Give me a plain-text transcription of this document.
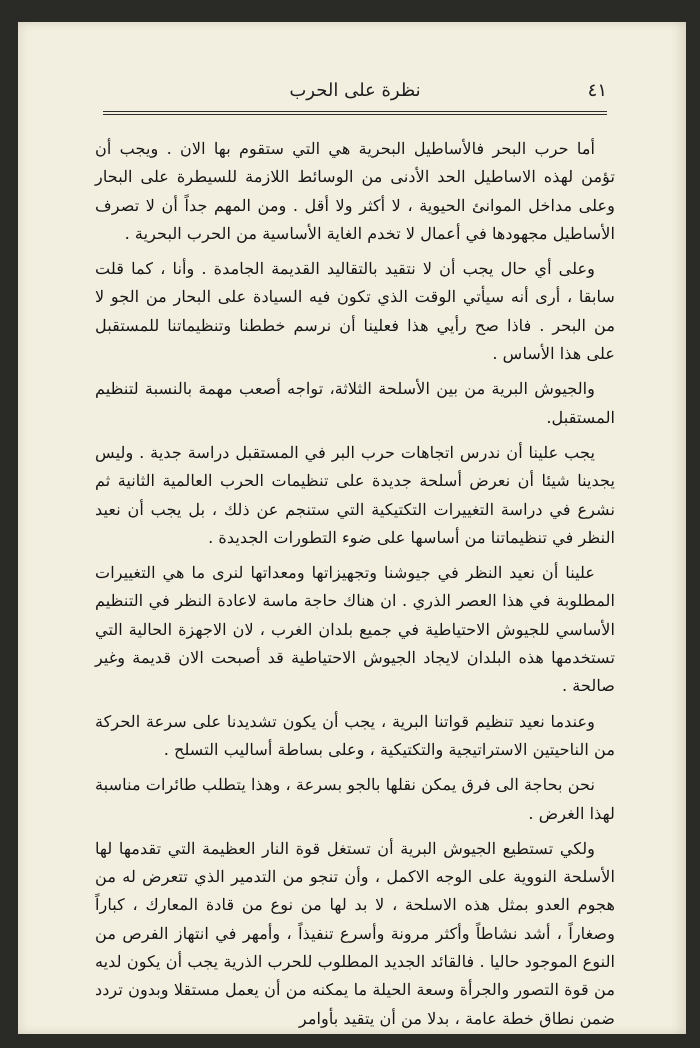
٤١
نظرة على الحرب

أما حرب البحر فالأساطيل البحرية هي التي ستقوم بها الان . ويجب أن تؤمن لهذه الاساطيل الحد الأدنى من الوسائط اللازمة للسيطرة على البحار وعلى مداخل الموانئ الحيوية ، لا أكثر ولا أقل . ومن المهم جداً أن لا تصرف الأساطيل مجهودها في أعمال لا تخدم الغاية الأساسية من الحرب البحرية .

وعلى أي حال يجب أن لا نتقيد بالتقاليد القديمة الجامدة . وأنا ، كما قلت سابقا ، أرى أنه سيأتي الوقت الذي تكون فيه السيادة على البحار من الجو لا من البحر . فاذا صح رأيي هذا فعلينا أن نرسم خططنا وتنظيماتنا للمستقبل على هذا الأساس .

والجيوش البرية من بين الأسلحة الثلاثة، تواجه أصعب مهمة بالنسبة لتنظيم المستقبل.

يجب علينا أن ندرس اتجاهات حرب البر في المستقبل دراسة جدية . وليس يجدينا شيئا أن نعرض أسلحة جديدة على تنظيمات الحرب العالمية الثانية ثم نشرع في دراسة التغييرات التكتيكية التي ستنجم عن ذلك ، بل يجب أن نعيد النظر في تنظيماتنا من أساسها على ضوء التطورات الجديدة .

علينا أن نعيد النظر في جيوشنا وتجهيزاتها ومعداتها لنرى ما هي التغييرات المطلوبة في هذا العصر الذري . ان هناك حاجة ماسة لاعادة النظر في التنظيم الأساسي للجيوش الاحتياطية في جميع بلدان الغرب ، لان الاجهزة الحالية التي تستخدمها هذه البلدان لايجاد الجيوش الاحتياطية قد أصبحت الان قديمة وغير صالحة .

وعندما نعيد تنظيم قواتنا البرية ، يجب أن يكون تشديدنا على سرعة الحركة من الناحيتين الاستراتيجية والتكتيكية ، وعلى بساطة أساليب التسلح .

نحن بحاجة الى فرق يمكن نقلها بالجو بسرعة ، وهذا يتطلب طائرات مناسبة لهذا الغرض .

ولكي تستطيع الجيوش البرية أن تستغل قوة النار العظيمة التي تقدمها لها الأسلحة النووية على الوجه الاكمل ، وأن تنجو من التدمير الذي تتعرض له من هجوم العدو بمثل هذه الاسلحة ، لا بد لها من نوع من قادة المعارك ، كباراً وصغاراً ، أشد نشاطاً وأكثر مرونة وأسرع تنفيذاً ، وأمهر في انتهاز الفرص من النوع الموجود حاليا . فالقائد الجديد المطلوب للحرب الذرية يجب أن يكون لديه من قوة التصور والجرأة وسعة الحيلة ما يمكنه من أن يعمل مستقلا وبدون تردد ضمن نطاق خطة عامة ، بدلا من أن يتقيد بأوامر
